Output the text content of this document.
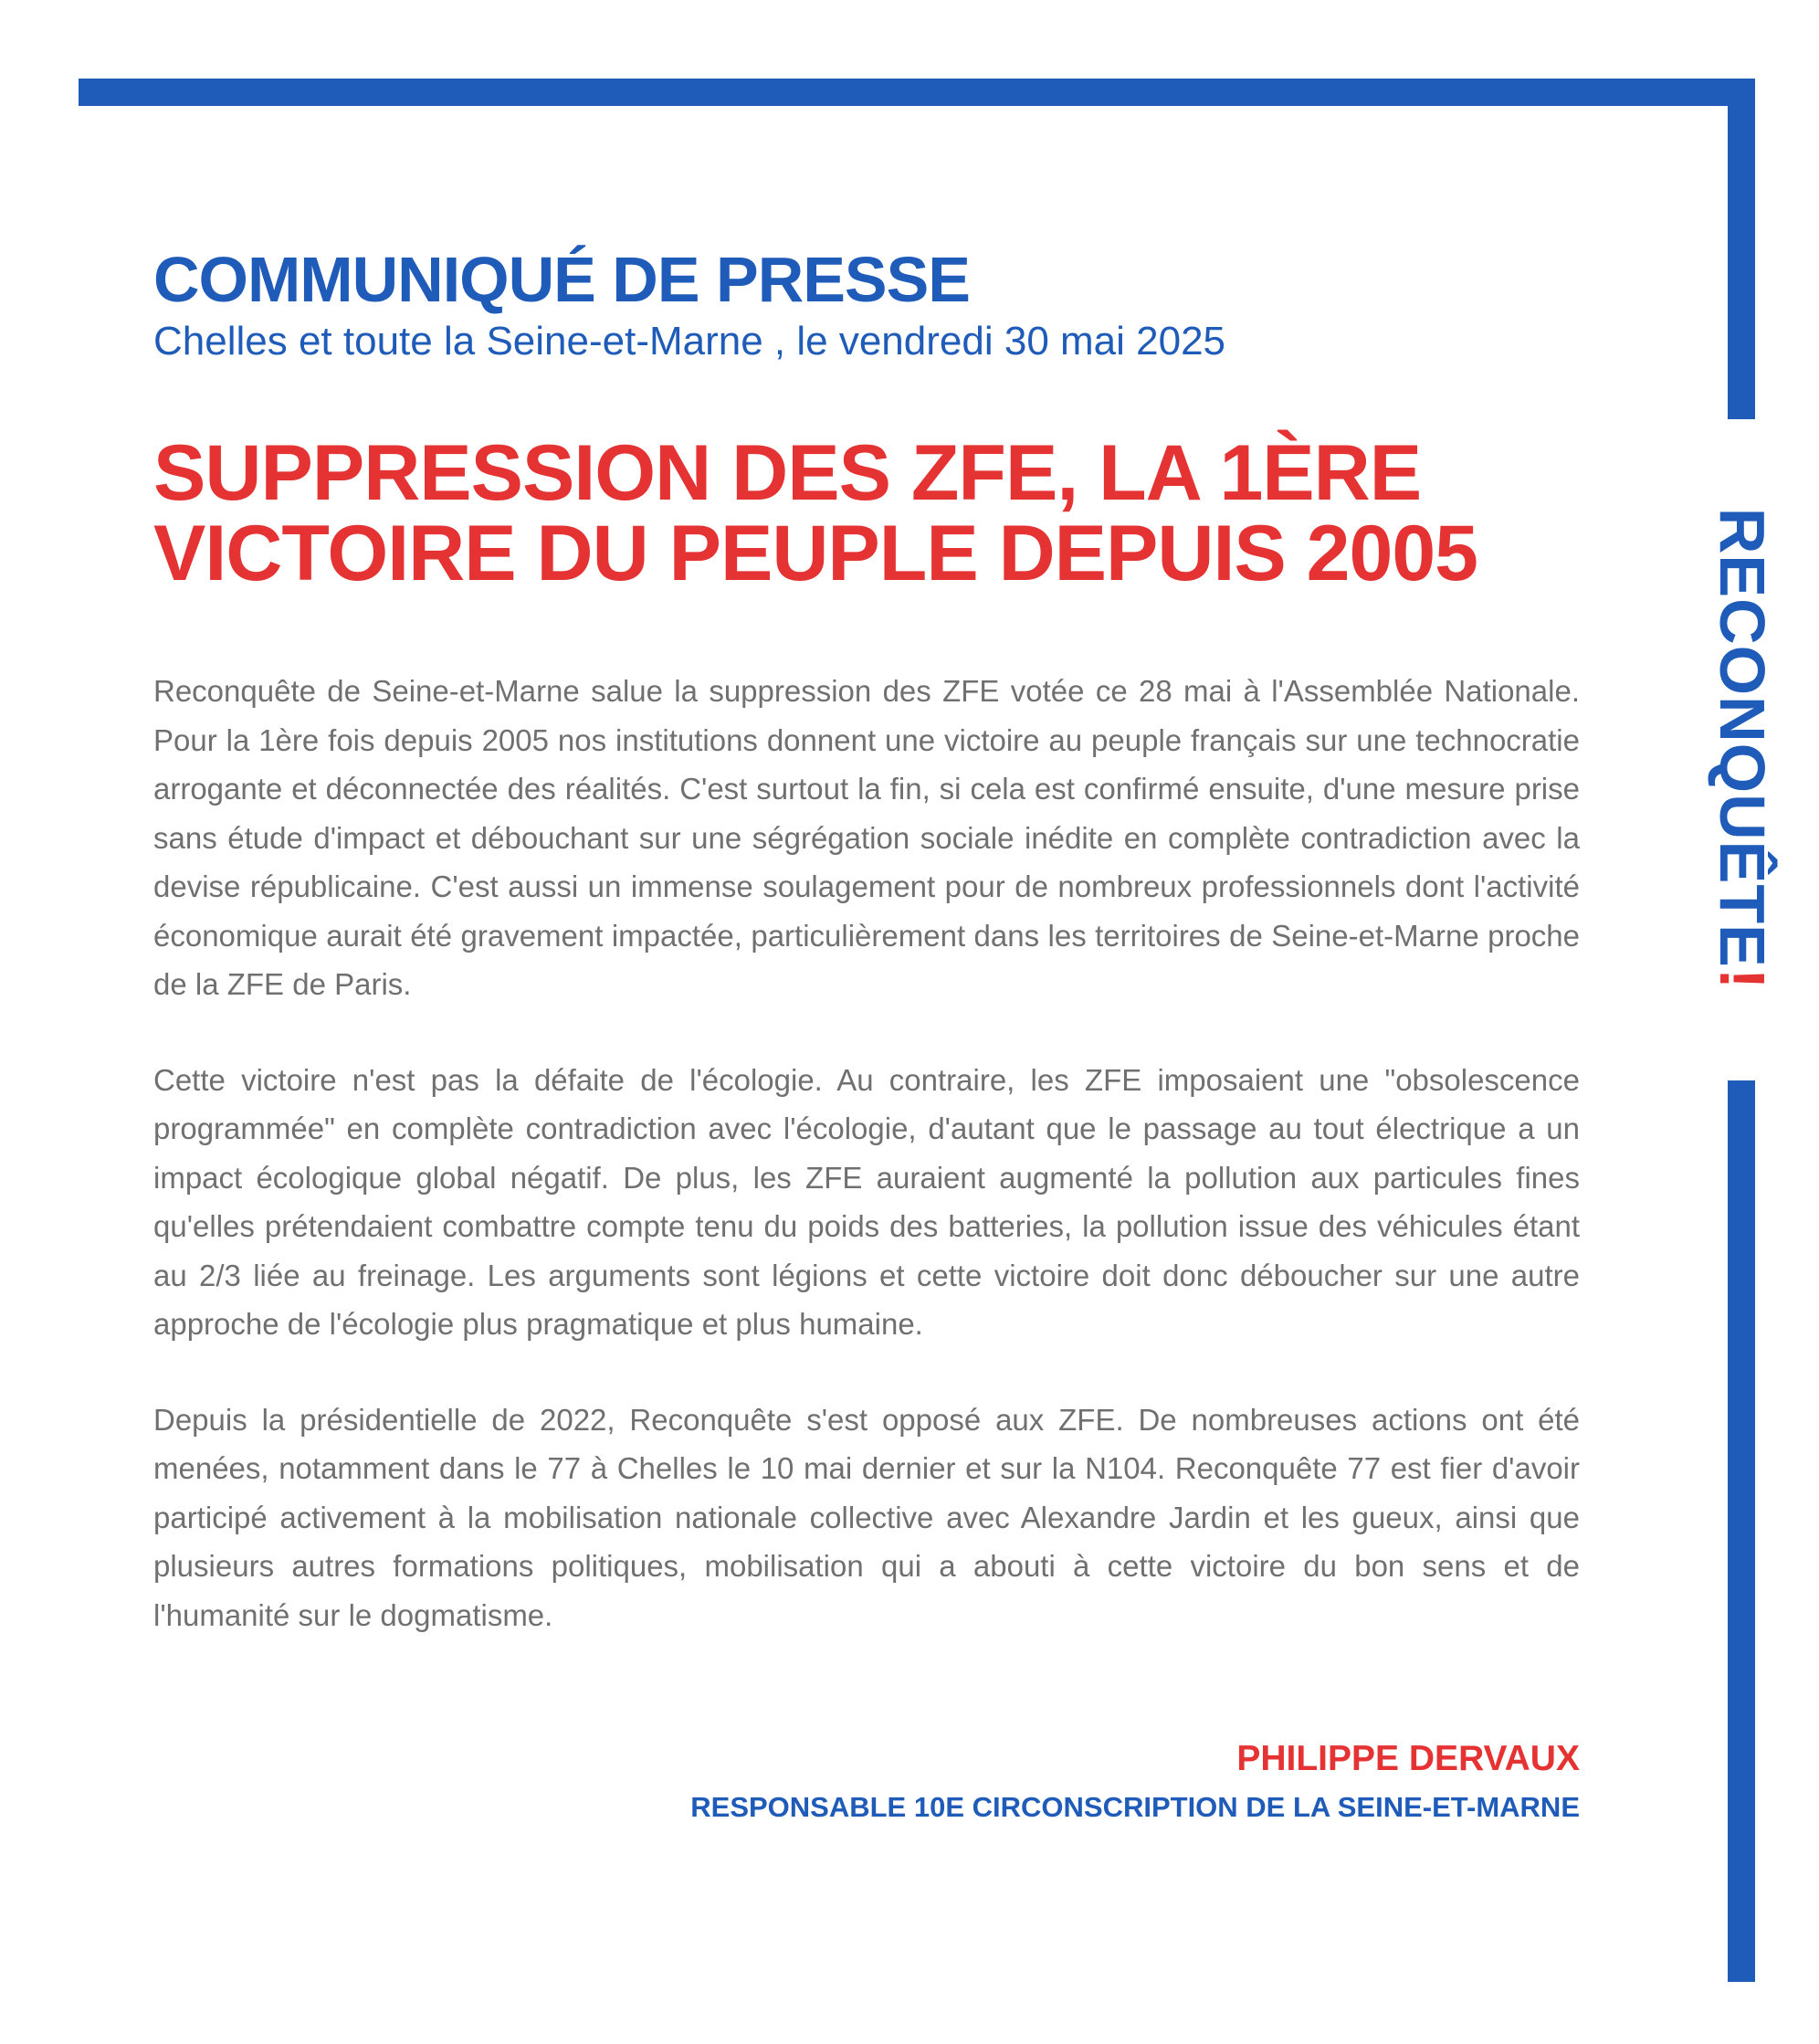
RECONQUÊTE!
COMMUNIQUÉ DE PRESSE

Chelles et toute la Seine-et-Marne , le vendredi 30 mai 2025

SUPPRESSION DES ZFE, LA 1ÈRE
VICTOIRE DU PEUPLE DEPUIS 2005

Reconquête de Seine-et-Marne salue la suppression des ZFE votée ce 28 mai à l'Assemblée Nationale. Pour la 1ère fois depuis 2005 nos institutions donnent une victoire au peuple français sur une technocratie arrogante et déconnectée des réalités. C'est surtout la fin, si cela est confirmé ensuite, d'une mesure prise sans étude d'impact et débouchant sur une ségrégation sociale inédite en complète contradiction avec la devise républicaine. C'est aussi un immense soulagement pour de nombreux professionnels dont l'activité économique aurait été gravement impactée, particulièrement dans les territoires de Seine-et-Marne proche de la ZFE de Paris.

Cette victoire n'est pas la défaite de l'écologie. Au contraire, les ZFE imposaient une "obsolescence programmée" en complète contradiction avec l'écologie, d'autant que le passage au tout électrique a un impact écologique global négatif. De plus, les ZFE auraient augmenté la pollution aux particules fines qu'elles prétendaient combattre compte tenu du poids des batteries, la pollution issue des véhicules étant au 2/3 liée au freinage. Les arguments sont légions et cette victoire doit donc déboucher sur une autre approche de l'écologie plus pragmatique et plus humaine.

Depuis la présidentielle de 2022, Reconquête s'est opposé aux ZFE. De nombreuses actions ont été menées, notamment dans le 77 à Chelles le 10 mai dernier et sur la N104. Reconquête 77 est fier d'avoir participé activement à la mobilisation nationale collective avec Alexandre Jardin et les gueux, ainsi que plusieurs autres formations politiques, mobilisation qui a abouti à cette victoire du bon sens et de l'humanité sur le dogmatisme.

PHILIPPE DERVAUX

RESPONSABLE 10E CIRCONSCRIPTION DE LA SEINE-ET-MARNE
